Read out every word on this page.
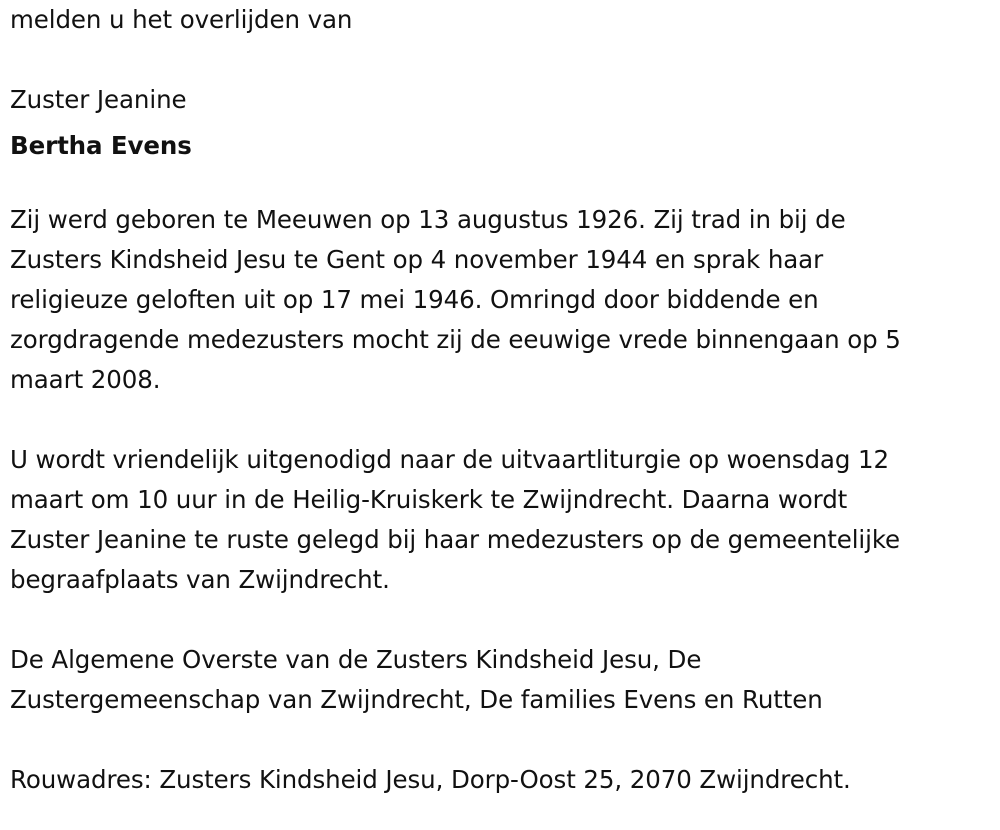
melden u het overlijden van
Zuster Jeanine
Bertha Evens
Zij werd geboren te Meeuwen op 13 augustus 1926. Zij trad in bij de
Zusters Kindsheid Jesu te Gent op 4 november 1944 en sprak haar
religieuze geloften uit op 17 mei 1946. Omringd door biddende en
zorgdragende medezusters mocht zij de eeuwige vrede binnengaan op 5
maart 2008.
U wordt vriendelijk uitgenodigd naar de uitvaartliturgie op woensdag 12
maart om 10 uur in de Heilig-Kruiskerk te Zwijndrecht. Daarna wordt
Zuster Jeanine te ruste gelegd bij haar medezusters op de gemeentelijke
begraafplaats van Zwijndrecht.
De Algemene Overste van de Zusters Kindsheid Jesu, De
Zustergemeenschap van Zwijndrecht, De families Evens en Rutten
Rouwadres: Zusters Kindsheid Jesu, Dorp-Oost 25, 2070 Zwijndrecht.
